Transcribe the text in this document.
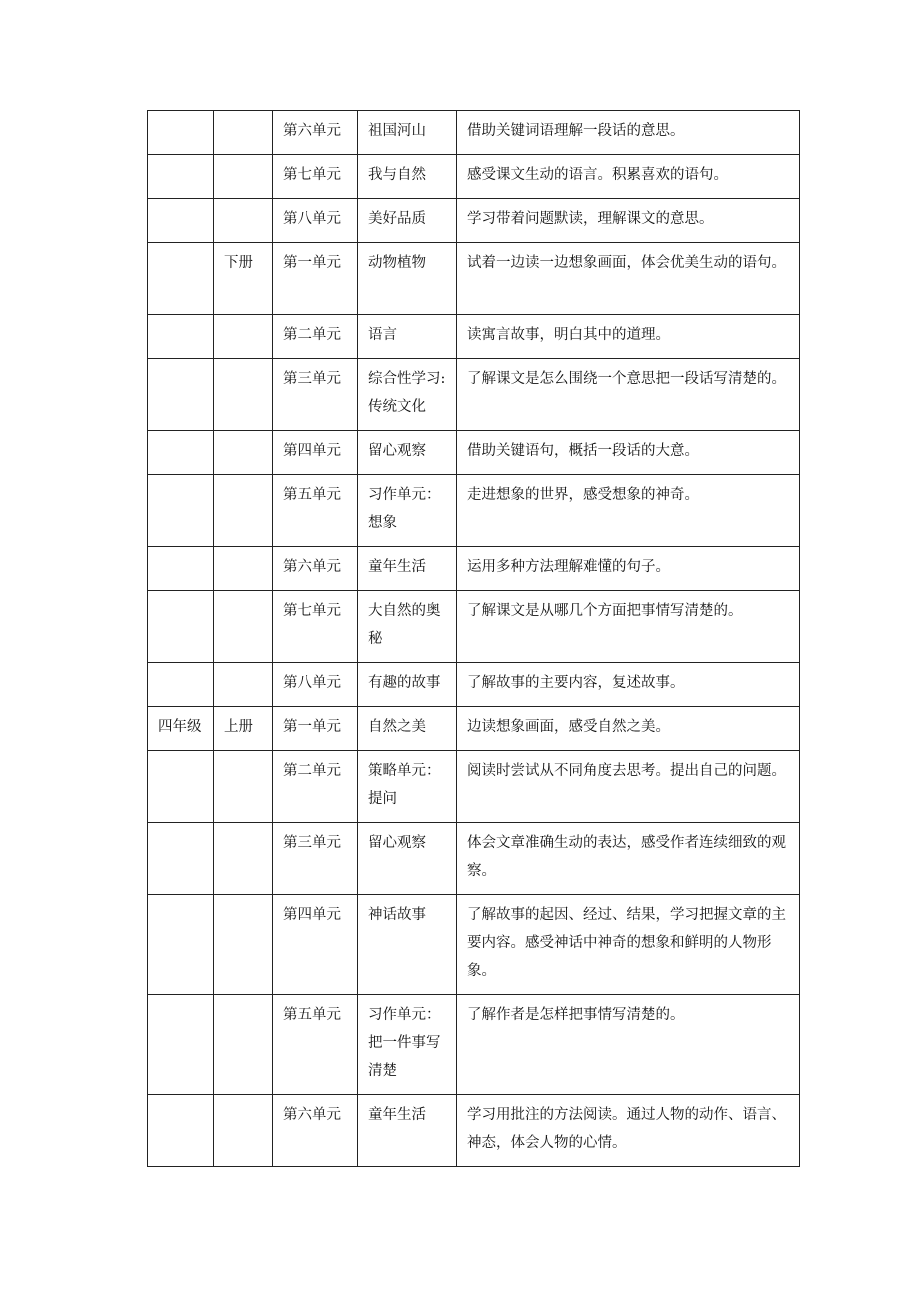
		第六单元	祖国河山	借助关键词语理解一段话的意思。
		第七单元	我与自然	感受课文生动的语言。积累喜欢的语句。
		第八单元	美好品质	学习带着问题默读，理解课文的意思。
	下册	第一单元	动物植物	试着一边读一边想象画面，体会优美生动的语句。
		第二单元	语言	读寓言故事，明白其中的道理。
		第三单元	综合性学习:传统文化	了解课文是怎么围绕一个意思把一段话写清楚的。
		第四单元	留心观察	借助关键语句，概括一段话的大意。
		第五单元	习作单元：想象	走进想象的世界，感受想象的神奇。
		第六单元	童年生活	运用多种方法理解难懂的句子。
		第七单元	大自然的奥秘	了解课文是从哪几个方面把事情写清楚的。
		第八单元	有趣的故事	了解故事的主要内容，复述故事。
四年级	上册	第一单元	自然之美	边读想象画面，感受自然之美。
		第二单元	策略单元：提问	阅读时尝试从不同角度去思考。提出自己的问题。
		第三单元	留心观察	体会文章准确生动的表达，感受作者连续细致的观察。
		第四单元	神话故事	了解故事的起因、经过、结果，学习把握文章的主要内容。感受神话中神奇的想象和鲜明的人物形象。
		第五单元	习作单元：把一件事写清楚	了解作者是怎样把事情写清楚的。
		第六单元	童年生活	学习用批注的方法阅读。通过人物的动作、语言、神态，体会人物的心情。
